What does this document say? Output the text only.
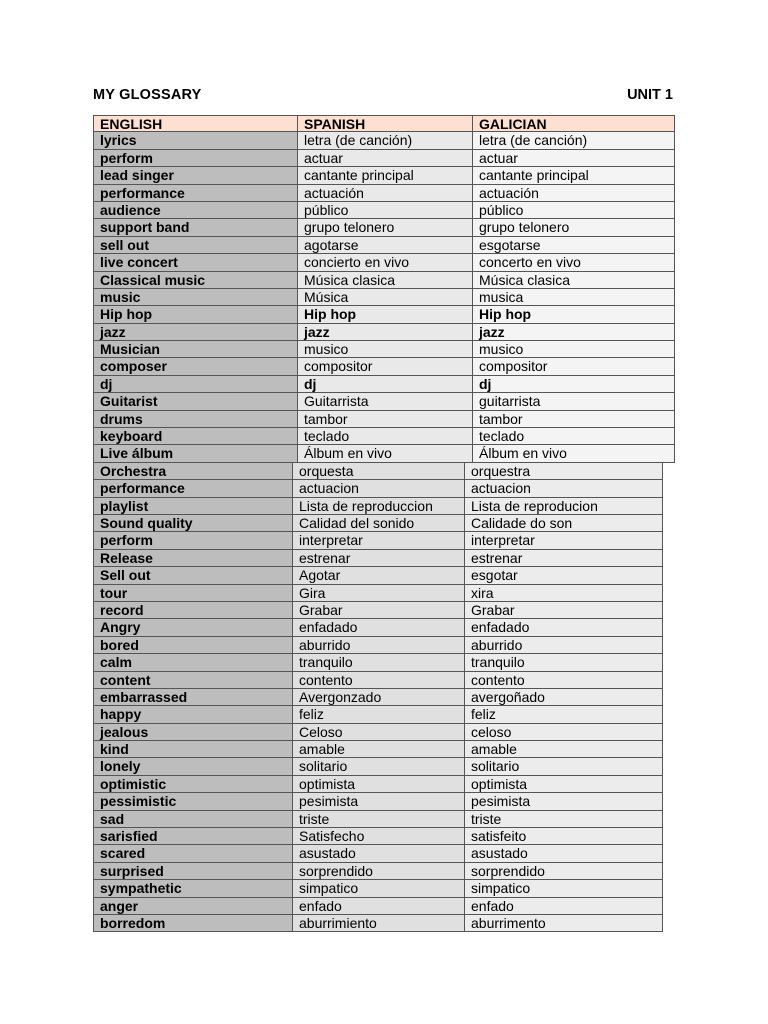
MY GLOSSARY	UNIT 1
ENGLISH	SPANISH	GALICIAN
lyrics	letra (de canción)	letra (de canción)
perform	actuar	actuar
lead singer	cantante principal	cantante principal
performance	actuación	actuación
audience	público	público
support band	grupo telonero	grupo telonero
sell out	agotarse	esgotarse
live concert	concierto en vivo	concerto en vivo
Classical music	Música clasica	Música clasica
music	Música	musica
Hip hop	Hip hop	Hip hop
jazz	jazz	jazz
Musician	musico	musico
composer	compositor	compositor
dj	dj	dj
Guitarist	Guitarrista	guitarrista
drums	tambor	tambor
keyboard	teclado	teclado
Live álbum	Álbum en vivo	Álbum en vivo
Orchestra	orquesta	orquestra
performance	actuacion	actuacion
playlist	Lista de reproduccion	Lista de reproducion
Sound quality	Calidad del sonido	Calidade do son
perform	interpretar	interpretar
Release	estrenar	estrenar
Sell out	Agotar	esgotar
tour	Gira	xira
record	Grabar	Grabar
Angry	enfadado	enfadado
bored	aburrido	aburrido
calm	tranquilo	tranquilo
content	contento	contento
embarrassed	Avergonzado	avergoñado
happy	feliz	feliz
jealous	Celoso	celoso
kind	amable	amable
lonely	solitario	solitario
optimistic	optimista	optimista
pessimistic	pesimista	pesimista
sad	triste	triste
sarisfied	Satisfecho	satisfeito
scared	asustado	asustado
surprised	sorprendido	sorprendido
sympathetic	simpatico	simpatico
anger	enfado	enfado
borredom	aburrimiento	aburrimento
